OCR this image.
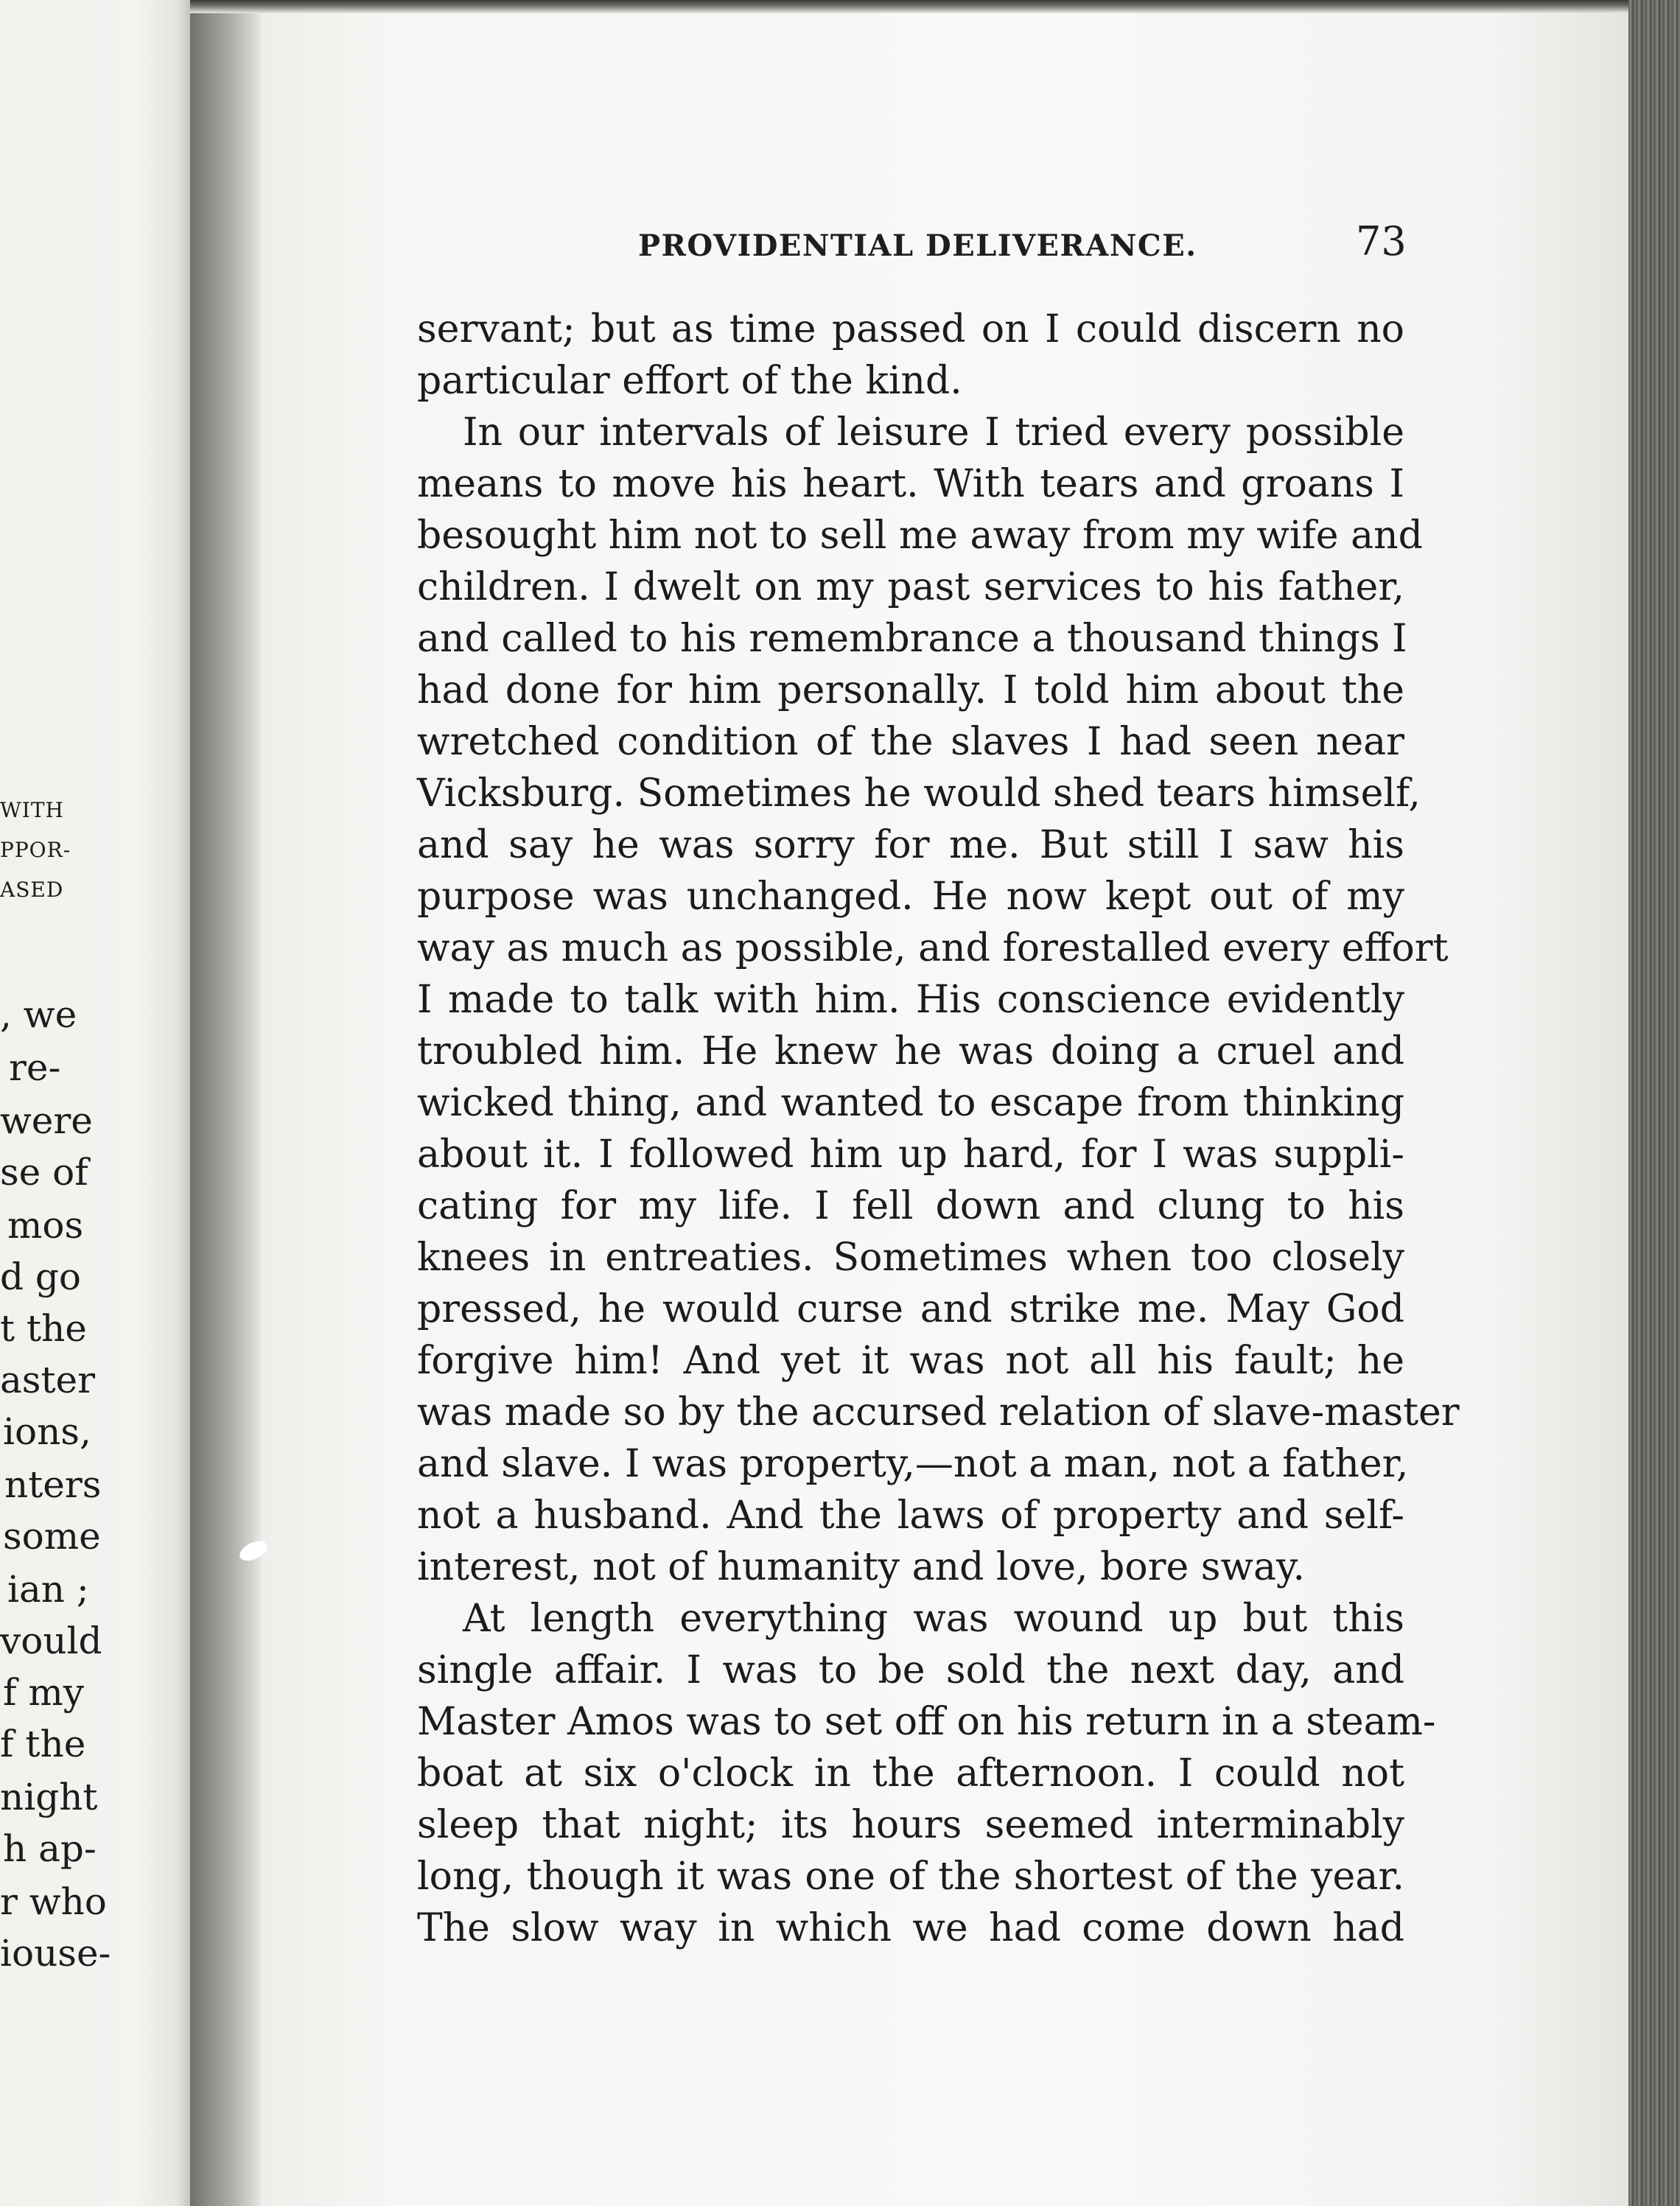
WITH
PPOR-
ASED
, we
re-
were
se of
mos
d go
t the
aster
ions,
nters
some
ian ;
vould
f my
f the
night
h ap-
r who
iouse-
PROVIDENTIAL DELIVERANCE.	73
servant; but as time passed on I could discern no
particular effort of the kind.
In our intervals of leisure I tried every possible
means to move his heart. With tears and groans I
besought him not to sell me away from my wife and
children. I dwelt on my past services to his father,
and called to his remembrance a thousand things I
had done for him personally. I told him about the
wretched condition of the slaves I had seen near
Vicksburg. Sometimes he would shed tears himself,
and say he was sorry for me. But still I saw his
purpose was unchanged. He now kept out of my
way as much as possible, and forestalled every effort
I made to talk with him. His conscience evidently
troubled him. He knew he was doing a cruel and
wicked thing, and wanted to escape from thinking
about it. I followed him up hard, for I was suppli-
cating for my life. I fell down and clung to his
knees in entreaties. Sometimes when too closely
pressed, he would curse and strike me. May God
forgive him! And yet it was not all his fault; he
was made so by the accursed relation of slave-master
and slave. I was property,—not a man, not a father,
not a husband. And the laws of property and self-
interest, not of humanity and love, bore sway.
At length everything was wound up but this
single affair. I was to be sold the next day, and
Master Amos was to set off on his return in a steam-
boat at six o'clock in the afternoon. I could not
sleep that night; its hours seemed interminably
long, though it was one of the shortest of the year.
The slow way in which we had come down had
